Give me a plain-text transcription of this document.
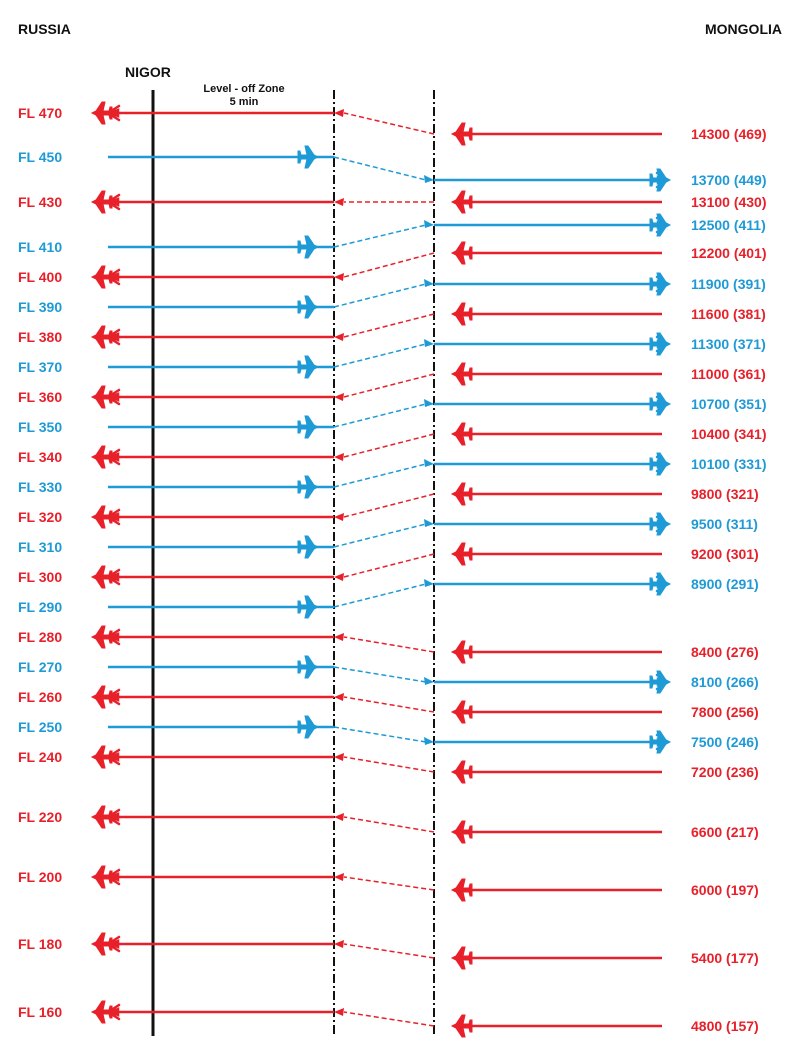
RUSSIA	MONGOLIA
NIGOR
Level - off Zone
5 min
FL 470
14300 (469)
FL 450
13700 (449)
FL 430	13100 (430)
FL 410
12500 (411)
FL 400
12200 (401)
FL 390
11900 (391)
FL 380
11600 (381)
FL 370
11300 (371)
FL 360
11000 (361)
FL 350
10700 (351)
FL 340
10400 (341)
FL 330
10100 (331)
FL 320
9800 (321)
FL 310
9500 (311)
FL 300
9200 (301)
FL 290
8900 (291)
FL 280
8400 (276)
FL 270
8100 (266)
FL 260
7800 (256)
FL 250
7500 (246)
FL 240
7200 (236)
FL 220
6600 (217)
FL 200
6000 (197)
FL 180
5400 (177)
FL 160
4800 (157)
